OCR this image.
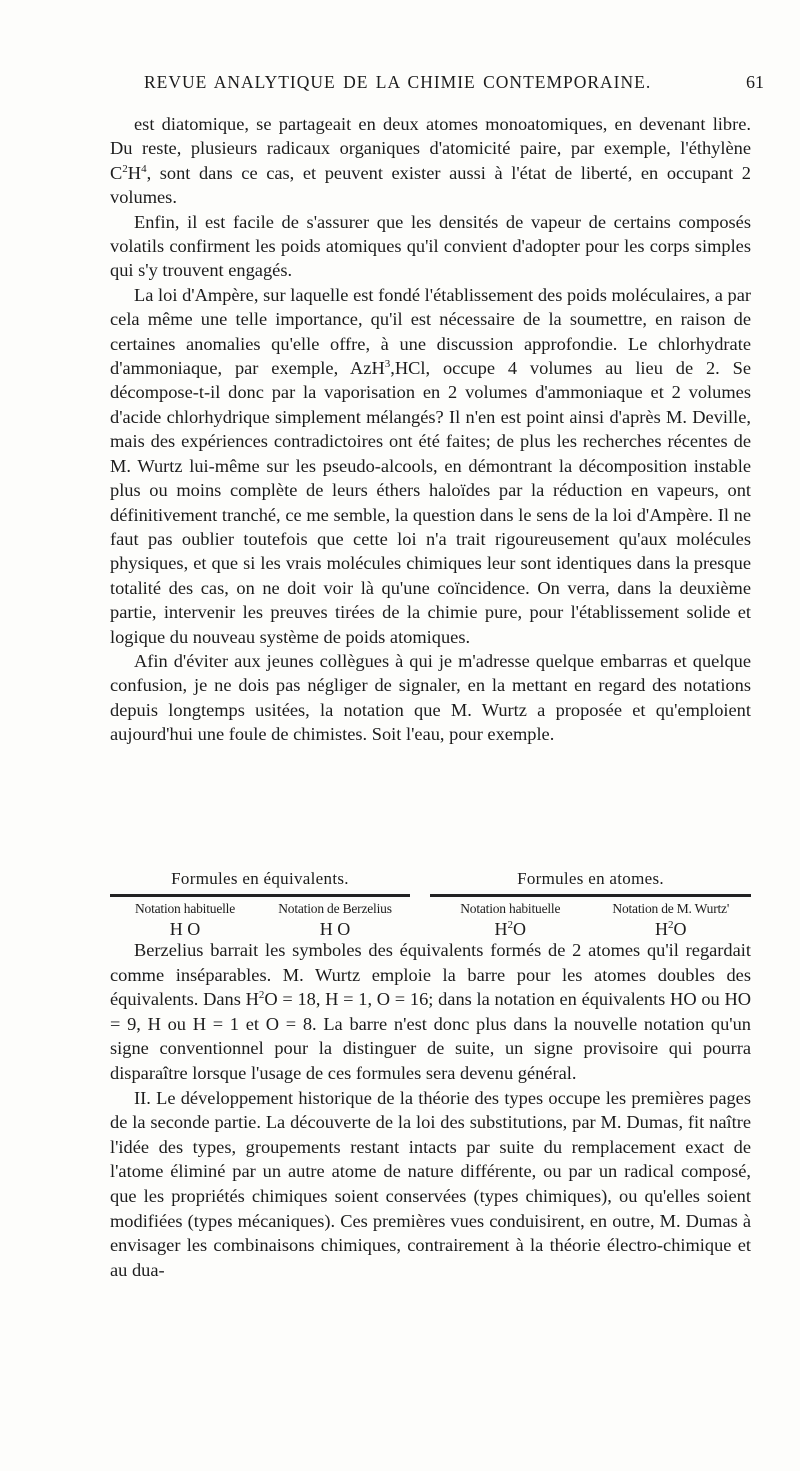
REVUE ANALYTIQUE DE LA CHIMIE CONTEMPORAINE.	61

est diatomique, se partageait en deux atomes monoatomiques, en devenant libre. Du reste, plusieurs radicaux organiques d'atomicité paire, par exemple, l'éthylène $C^2H^4$, sont dans ce cas, et peuvent exister aussi à l'état de liberté, en occupant 2 volumes.

Enfin, il est facile de s'assurer que les densités de vapeur de certains composés volatils confirment les poids atomiques qu'il convient d'adopter pour les corps simples qui s'y trouvent engagés.

La loi d'Ampère, sur laquelle est fondé l'établissement des poids moléculaires, a par cela même une telle importance, qu'il est nécessaire de la soumettre, en raison de certaines anomalies qu'elle offre, à une discussion approfondie. Le chlorhydrate d'ammoniaque, par exemple, AzH$^3$,HCl, occupe 4 volumes au lieu de 2. Se décompose-t-il donc par la vaporisation en 2 volumes d'ammoniaque et 2 volumes d'acide chlorhydrique simplement mélangés? Il n'en est point ainsi d'après M. Deville, mais des expériences contradictoires ont été faites; de plus les recherches récentes de M. Wurtz lui-même sur les pseudo-alcools, en démontrant la décomposition instable plus ou moins complète de leurs éthers haloïdes par la réduction en vapeurs, ont définitivement tranché, ce me semble, la question dans le sens de la loi d'Ampère. Il ne faut pas oublier toutefois que cette loi n'a trait rigoureusement qu'aux molécules physiques, et que si les vrais molécules chimiques leur sont identiques dans la presque totalité des cas, on ne doit voir là qu'une coïncidence. On verra, dans la deuxième partie, intervenir les preuves tirées de la chimie pure, pour l'établissement solide et logique du nouveau système de poids atomiques.

Afin d'éviter aux jeunes collègues à qui je m'adresse quelque embarras et quelque confusion, je ne dois pas négliger de signaler, en la mettant en regard des notations depuis longtemps usitées, la notation que M. Wurtz a proposée et qu'emploient aujourd'hui une foule de chimistes. Soit l'eau, pour exemple.

Formules en équivalents.
Notation habituelle
H O
Notation de Berzelius
H O
Formules en atomes.
Notation habituelle
$H^2O$
Notation de M. Wurtz'
$H^2O$

Berzelius barrait les symboles des équivalents formés de 2 atomes qu'il regardait comme inséparables. M. Wurtz emploie la barre pour les atomes doubles des équivalents. Dans $H^2O = 18$, H = 1, O = 16; dans la notation en équivalents HO ou HO = 9, H ou H = 1 et O = 8. La barre n'est donc plus dans la nouvelle notation qu'un signe conventionnel pour la distinguer de suite, un signe provisoire qui pourra disparaître lorsque l'usage de ces formules sera devenu général.

II. Le développement historique de la théorie des types occupe les premières pages de la seconde partie. La découverte de la loi des substitutions, par M. Dumas, fit naître l'idée des types, groupements restant intacts par suite du remplacement exact de l'atome éliminé par un autre atome de nature différente, ou par un radical composé, que les propriétés chimiques soient conservées (types chimiques), ou qu'elles soient modifiées (types mécaniques). Ces premières vues conduisirent, en outre, M. Dumas à envisager les combinaisons chimiques, contrairement à la théorie électro-chimique et au dua-
